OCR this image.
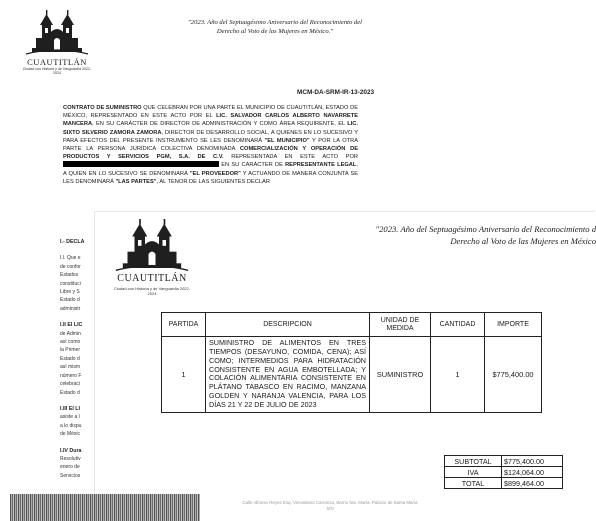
CUAUTITLÁN
Ciudad con Historia y de Vanguardia 2022-2024
"2023. Año del Septuagésimo Aniversario del Reconocimiento del
Derecho al Voto de las Mujeres en México."
MCM-DA-SRM-IR-13-2023
CONTRATO DE SUMINISTRO QUE CELEBRAN POR UNA PARTE EL MUNICIPIO DE CUAUTITLÁN, ESTADO DE MÉXICO, REPRESENTADO EN ESTE ACTO POR EL LIC. SALVADOR CARLOS ALBERTO NAVARRETE MANCERA, EN SU CARÁCTER DE DIRECTOR DE ADMINISTRACIÓN Y COMO ÁREA REQUIRENTE, EL LIC. SIXTO SILVERIO ZAMORA ZAMORA, DIRECTOR DE DESARROLLO SOCIAL, A QUIENES EN LO SUCESIVO Y PARA EFECTOS DEL PRESENTE INSTRUMENTO SE LES DENOMINARÁ "EL MUNICIPIO" Y POR LA OTRA PARTE LA PERSONA JURÍDICA COLECTIVA DENOMINADA COMERCIALIZACIÓN Y OPERACIÓN DE PRODUCTOS Y SERVICIOS PGM, S.A. DE C.V. REPRESENTADA EN ESTE ACTO POR  EN SU CARÁCTER DE REPRESENTANTE LEGAL, A QUIEN EN LO SUCESIVO SE DENOMINARÁ "EL PROVEEDOR" Y ACTUANDO DE MANERA CONJUNTA SE LES DENOMINARÁ "LAS PARTES", AL TENOR DE LAS SIGUIENTES DECLAR
I.- DECLA
I.I. Que e
de confor
Estados
constituci
Libre y S
Estado d
administr
I.II El LIC
de Admin
así como
la Primer
Estado d
así mism
número F
celebraci
Estado d
I.III El LI
asiste a l
a lo dispu
de Méxic
I.IV Dura
Resolutiv
enero de
Servicios
Calle Alfonso Reyes Esq. Venustiano Carranza, Barrio Sta. María, Palacio de Santa María S/N
CUAUTITLÁN
Ciudad con Historia y de Vanguardia 2022-2024
"2023. Año del Septuagésimo Aniversario del Reconocimiento d
Derecho al Voto de las Mujeres en México
PARTIDA	DESCRIPCION	UNIDAD DE MEDIDA	CANTIDAD	IMPORTE
1	SUMINISTRO DE ALIMENTOS EN TRES TIEMPOS (DESAYUNO, COMIDA, CENA); ASÍ COMO; INTERMEDIOS PARA HIDRATACIÓN CONSISTENTE EN AGUA EMBOTELLADA; Y COLACIÓN ALIMENTARIA CONSISTENTE EN PLÁTANO TABASCO EN RACIMO, MANZANA GOLDEN Y NARANJA VALENCIA, PARA LOS DÍAS 21 Y 22 DE JULIO DE 2023	SUMINISTRO	1	$775,400.00
SUBTOTAL	$775,400.00
IVA	$124,064.00
TOTAL	$899,464.00
